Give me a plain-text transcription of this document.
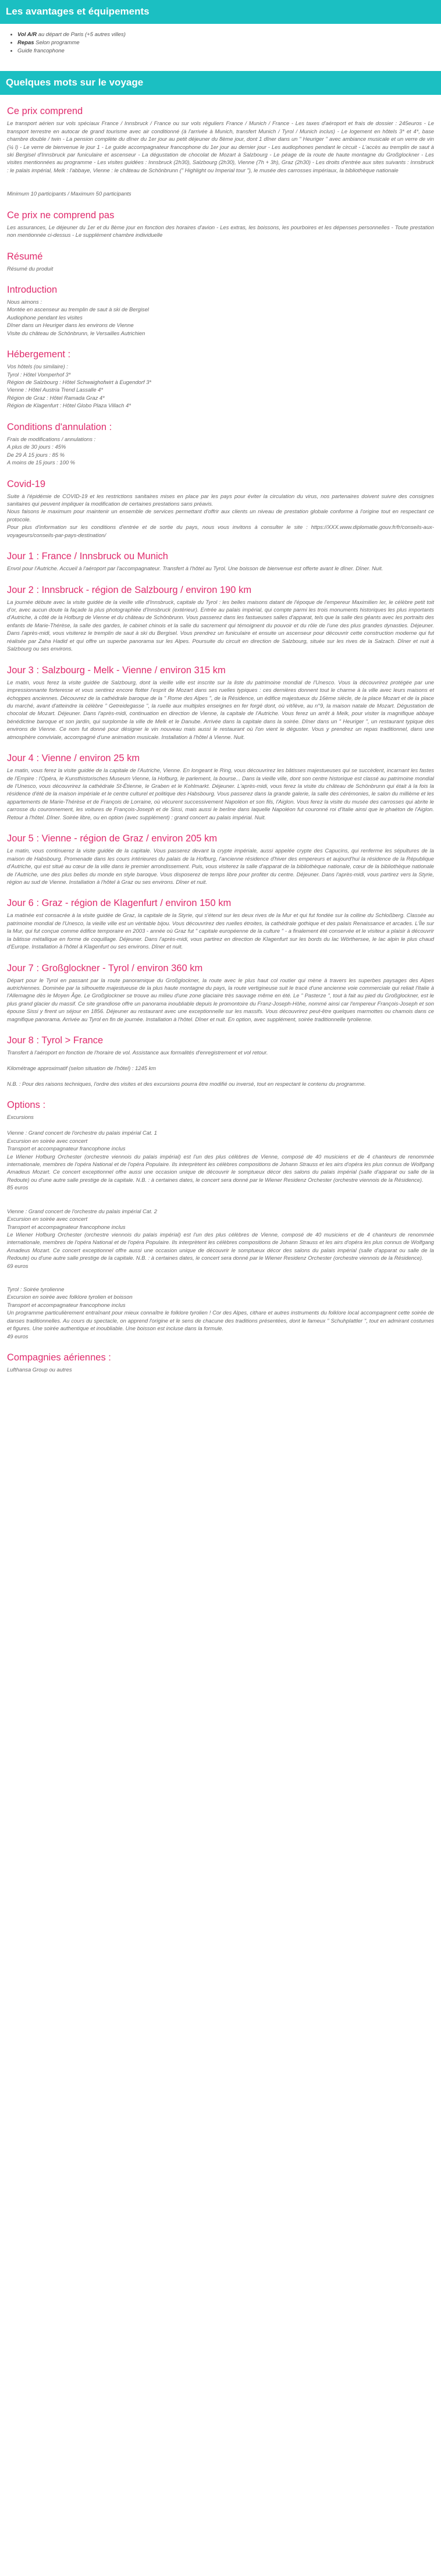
Les avantages et équipements
• Vol A/R au départ de Paris (+5 autres villes)
• Repas Selon programme
• Guide francophone
Quelques mots sur le voyage
Ce prix comprend

Le transport aérien sur vols spéciaux France / Innsbruck / France ou sur vols réguliers France / Munich / France - Les taxes d'aéroport et frais de dossier : 245euros - Le transport terrestre en autocar de grand tourisme avec air conditionné (à l'arrivée à Munich, transfert Munich / Tyrol / Munich inclus) - Le logement en hôtels 3* et 4*, base chambre double / twin - La pension complète du dîner du 1er jour au petit déjeuner du 8ème jour, dont 1 dîner dans un " Heuriger " avec ambiance musicale et un verre de vin (¼ l) - Le verre de bienvenue le jour 1 - Le guide accompagnateur francophone du 1er jour au dernier jour - Les audiophones pendant le circuit - L'accès au tremplin de saut à ski Bergisel d'Innsbruck par funiculaire et ascenseur - La dégustation de chocolat de Mozart à Salzbourg - Le péage de la route de haute montagne du Großglockner - Les visites mentionnées au programme - Les visites guidées : Innsbruck (2h30), Salzbourg (2h30), Vienne (7h + 3h), Graz (2h30) - Les droits d'entrée aux sites suivants : Innsbruck : le palais impérial, Melk : l'abbaye, Vienne : le château de Schönbrunn (" Highlight ou Imperial tour "), le musée des carrosses impériaux, la bibliothèque nationale

Minimum 10 participants / Maximum 50 participants

Ce prix ne comprend pas

Les assurances, Le déjeuner du 1er et du 8ème jour en fonction des horaires d'avion - Les extras, les boissons, les pourboires et les dépenses personnelles - Toute prestation non mentionnée ci-dessus - Le supplément chambre individuelle

Résumé

Résumé du produit

Introduction

Nous aimons :
Montée en ascenseur au tremplin de saut à ski de Bergisel
Audiophone pendant les visites
Dîner dans un Heuriger dans les environs de Vienne
Visite du château de Schönbrunn, le Versailles Autrichien

Hébergement :

Vos hôtels (ou similaire) :
Tyrol : Hôtel Vomperhof 3*
Région de Salzbourg : Hôtel Schwaighofwirt à Eugendorf 3*
Vienne : Hôtel Austria Trend Lassalle 4*
Région de Graz : Hôtel Ramada Graz 4*
Région de Klagenfurt : Hôtel Globo Plaza Villach 4*

Conditions d'annulation :

Frais de modifications / annulations :
A plus de 30 jours : 45%
De 29 À 15 jours : 85 %
A moins de 15 jours : 100 %

Covid-19

Suite à l'épidémie de COVID-19 et les restrictions sanitaires mises en place par les pays pour éviter la circulation du virus, nos partenaires doivent suivre des consignes sanitaires qui peuvent impliquer la modification de certaines prestations sans préavis.
Nous faisons le maximum pour maintenir un ensemble de services permettant d'offrir aux clients un niveau de prestation globale conforme à l'origine tout en respectant ce protocole.
Pour plus d'information sur les conditions d'entrée et de sortie du pays, nous vous invitons à consulter le site : https://XXX.www.diplomatie.gouv.fr/fr/conseils-aux-voyageurs/conseils-par-pays-destination/

Jour 1 : France / Innsbruck ou Munich

Envol pour l'Autriche. Accueil à l'aéroport par l'accompagnateur. Transfert à l'hôtel au Tyrol. Une boisson de bienvenue est offerte avant le dîner. Dîner. Nuit.

Jour 2 : Innsbruck - région de Salzbourg / environ 190 km

La journée débute avec la visite guidée de la vieille ville d'Innsbruck, capitale du Tyrol : les belles maisons datant de l'époque de l'empereur Maximilien Ier, le célèbre petit toit d'or, avec aucun doute la façade la plus photographiée d'Innsbruck (extérieur). Entrée au palais impérial, qui compte parmi les trois monuments historiques les plus importants d'Autriche, à côté de la Hofburg de Vienne et du château de Schönbrunn. Vous passerez dans les fastueuses salles d'apparat, tels que la salle des géants avec les portraits des enfants de Marie-Thérèse, la salle des gardes, le cabinet chinois et la salle du sacrement qui témoignent du pouvoir et du rôle de l'une des plus grandes dynasties. Déjeuner. Dans l'après-midi, vous visiterez le tremplin de saut à ski du Bergisel. Vous prendrez un funiculaire et ensuite un ascenseur pour découvrir cette construction moderne qui fut réalisée par Zaha Hadid et qui offre un superbe panorama sur les Alpes. Poursuite du circuit en direction de Salzbourg, située sur les rives de la Salzach. Dîner et nuit à Salzbourg ou ses environs.

Jour 3 : Salzbourg - Melk - Vienne / environ 315 km

Le matin, vous ferez la visite guidée de Salzbourg, dont la vieille ville est inscrite sur la liste du patrimoine mondial de l'Unesco. Vous la découvrirez protégée par une impressionnante forteresse et vous sentirez encore flotter l'esprit de Mozart dans ses ruelles typiques : ces dernières donnent tout le charme à la ville avec leurs maisons et échoppes anciennes. Découvrez de la cathédrale baroque de la " Rome des Alpes ", de la Résidence, un édifice majestueux du 16ème siècle, de la place Mozart et de la place du marché, avant d'atteindre la célèbre " Getreidegasse ", la ruelle aux multiples enseignes en fer forgé dont, où vit/lève, au n°9, la maison natale de Mozart. Dégustation de chocolat de Mozart. Déjeuner. Dans l'après-midi, continuation en direction de Vienne, la capitale de l'Autriche. Vous ferez un arrêt à Melk, pour visiter la magnifique abbaye bénédictine baroque et son jardin, qui surplombe la ville de Melk et le Danube. Arrivée dans la capitale dans la soirée. Dîner dans un " Heuriger ", un restaurant typique des environs de Vienne. Ce nom fut donné pour désigner le vin nouveau mais aussi le restaurant où l'on vient le déguster. Vous y prendrez un repas traditionnel, dans une atmosphère conviviale, accompagné d'une animation musicale. Installation à l'hôtel à Vienne. Nuit.

Jour 4 : Vienne / environ 25 km

Le matin, vous ferez la visite guidée de la capitale de l'Autriche, Vienne. En longeant le Ring, vous découvrirez les bâtisses majestueuses qui se succèdent, incarnant les fastes de l'Empire : l'Opéra, le Kunsthistorisches Museum Vienne, la Hofburg, le parlement, la bourse... Dans la vieille ville, dont son centre historique est classé au patrimoine mondial de l'Unesco, vous découvrirez la cathédrale St-Étienne, le Graben et le Kohlmarkt. Déjeuner. L'après-midi, vous ferez la visite du château de Schönbrunn qui était à la fois la résidence d'été de la maison impériale et le centre culturel et politique des Habsbourg. Vous passerez dans la grande galerie, la salle des cérémonies, le salon du millième et les appartements de Marie-Thérèse et de François de Lorraine, où vécurent successivement Napoléon et son fils, l'Aiglon. Vous ferez la visite du musée des carrosses qui abrite le carrosse du couronnement, les voitures de François-Joseph et de Sissi, mais aussi le berline dans laquelle Napoléon fut couronné roi d'Italie ainsi que le phaéton de l'Aiglon. Retour à l'hôtel. Dîner. Soirée libre, ou en option (avec supplément) : grand concert au palais impérial. Nuit.

Jour 5 : Vienne - région de Graz / environ 205 km

Le matin, vous continuerez la visite guidée de la capitale. Vous passerez devant la crypte impériale, aussi appelée crypte des Capucins, qui renferme les sépultures de la maison de Habsbourg. Promenade dans les cours intérieures du palais de la Hofburg, l'ancienne résidence d'hiver des empereurs et aujourd'hui la résidence de la République d'Autriche, qui est situé au cœur de la ville dans le premier arrondissement. Puis, vous visiterez la salle d'apparat de la bibliothèque nationale, cœur de la bibliothèque nationale de l'Autriche, une des plus belles du monde en style baroque. Vous disposerez de temps libre pour profiter du centre. Déjeuner. Dans l'après-midi, vous partirez vers la Styrie, région au sud de Vienne. Installation à l'hôtel à Graz ou ses environs. Dîner et nuit.

Jour 6 : Graz - région de Klagenfurt / environ 150 km

La matinée est consacrée à la visite guidée de Graz, la capitale de la Styrie, qui s'étend sur les deux rives de la Mur et qui fut fondée sur la colline du Schloßberg. Classée au patrimoine mondial de l'Unesco, la vieille ville est un véritable bijou. Vous découvrirez des ruelles étroites, la cathédrale gothique et des palais Renaissance et arcades. L'Île sur la Mur, qui fut conçue comme édifice temporaire en 2003 - année où Graz fut " capitale européenne de la culture " - a finalement été conservée et le visiteur a plaisir à découvrir la bâtisse métallique en forme de coquillage. Déjeuner. Dans l'après-midi, vous partirez en direction de Klagenfurt sur les bords du lac Wörthersee, le lac alpin le plus chaud d'Europe. Installation à l'hôtel à Klagenfurt ou ses environs. Dîner et nuit.

Jour 7 : Großglockner - Tyrol / environ 360 km

Départ pour le Tyrol en passant par la route panoramique du Großglockner, la route avec le plus haut col routier qui mène à travers les superbes paysages des Alpes autrichiennes. Dominée par la silhouette majestueuse de la plus haute montagne du pays, la route vertigineuse suit le tracé d'une ancienne voie commerciale qui reliait l'Italie à l'Allemagne dès le Moyen Âge. Le Großglockner se trouve au milieu d'une zone glaciaire très sauvage même en été. Le " Pasterze ", tout à fait au pied du Großglockner, est le plus grand glacier du massif. Ce site grandiose offre un panorama inoubliable depuis le promontoire du Franz-Joseph-Höhe, nommé ainsi car l'empereur François-Joseph et son épouse Sissi y firent un séjour en 1856. Déjeuner au restaurant avec une exceptionnelle sur les massifs. Vous découvrirez peut-être quelques marmottes ou chamois dans ce magnifique panorama. Arrivée au Tyrol en fin de journée. Installation à l'hôtel. Dîner et nuit. En option, avec supplément, soirée traditionnelle tyrolienne.

Jour 8 : Tyrol > France

Transfert à l'aéroport en fonction de l'horaire de vol. Assistance aux formalités d'enregistrement et vol retour.

Kilométrage approximatif (selon situation de l'hôtel) : 1245 km

N.B. : Pour des raisons techniques, l'ordre des visites et des excursions pourra être modifié ou inversé, tout en respectant le contenu du programme.

Options :

Excursions

Vienne : Grand concert de l'orchestre du palais impérial Cat. 1
Excursion en soirée avec concert
Transport et accompagnateur francophone inclus
Le Wiener Hofburg Orchester (orchestre viennois du palais impérial) est l'un des plus célèbres de Vienne, composé de 40 musiciens et de 4 chanteurs de renommée internationale, membres de l'opéra National et de l'opéra Populaire. Ils interprètent les célèbres compositions de Johann Strauss et les airs d'opéra les plus connus de Wolfgang Amadeus Mozart. Ce concert exceptionnel offre aussi une occasion unique de découvrir le somptueux décor des salons du palais impérial (salle d'apparat ou salle de la Redoute) ou d'une autre salle prestige de la capitale. N.B. : à certaines dates, le concert sera donné par le Wiener Residenz Orchester (orchestre viennois de la Résidence).
85 euros

Vienne : Grand concert de l'orchestre du palais impérial Cat. 2
Excursion en soirée avec concert
Transport et accompagnateur francophone inclus
Le Wiener Hofburg Orchester (orchestre viennois du palais impérial) est l'un des plus célèbres de Vienne, composé de 40 musiciens et de 4 chanteurs de renommée internationale, membres de l'opéra National et de l'opéra Populaire. Ils interprètent les célèbres compositions de Johann Strauss et les airs d'opéra les plus connus de Wolfgang Amadeus Mozart. Ce concert exceptionnel offre aussi une occasion unique de découvrir le somptueux décor des salons du palais impérial (salle d'apparat ou salle de la Redoute) ou d'une autre salle prestige de la capitale. N.B. : à certaines dates, le concert sera donné par le Wiener Residenz Orchester (orchestre viennois de la Résidence).
69 euros

Tyrol : Soirée tyrolienne
Excursion en soirée avec folklore tyrolien et boisson
Transport et accompagnateur francophone inclus
Un programme particulièrement entraînant pour mieux connaître le folklore tyrolien ! Cor des Alpes, cithare et autres instruments du folklore local accompagnent cette soirée de danses traditionnelles. Au cours du spectacle, on apprend l'origine et le sens de chacune des traditions présentées, dont le fameux " Schuhplattler ", tout en admirant costumes et figures. Une soirée authentique et inoubliable. Une boisson est incluse dans la formule.
49 euros

Compagnies aériennes :

Lufthansa Group ou autres
